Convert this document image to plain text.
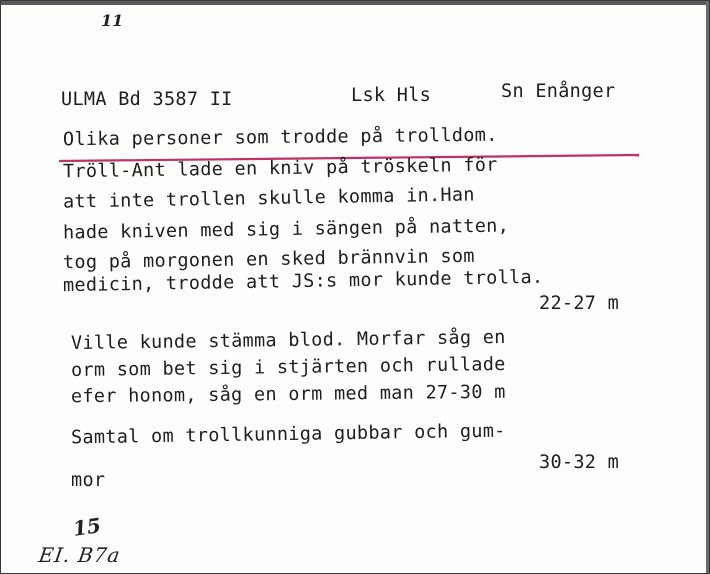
11
ULMA Bd 3587 II	Lsk Hls	Sn Enånger
Olika personer som trodde på trolldom.
Tröll-Ant lade en kniv på tröskeln för
att inte trollen skulle komma in.Han
hade kniven med sig i sängen på natten,
tog på morgonen en sked brännvin som
medicin, trodde att JS:s mor kunde trolla.
22-27 m
Ville kunde stämma blod. Morfar såg en
orm som bet sig i stjärten och rullade
efer honom, såg en orm med man 27-30 m
Samtal om trollkunniga gubbar och gum-
30-32 m
mor
15
EI. B7a
